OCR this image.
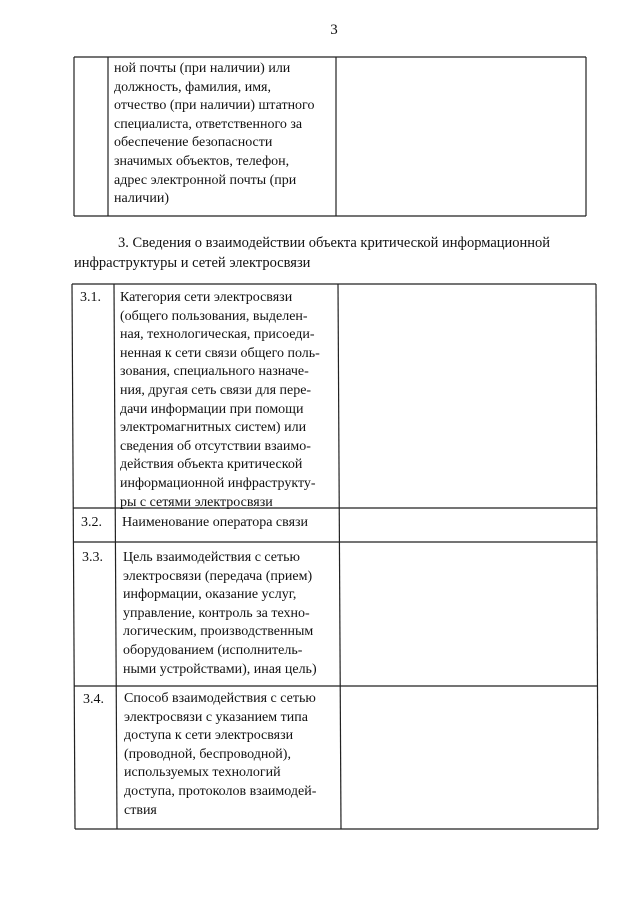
3
ной почты (при наличии) или
должность, фамилия, имя,
отчество (при наличии) штатного
специалиста, ответственного за
обеспечение безопасности
значимых объектов, телефон,
адрес электронной почты (при
наличии)
3. Сведения о взаимодействии объекта критической информационной
инфраструктуры и сетей электросвязи
3.1. Категория сети электросвязи
(общего пользования, выделен-
ная, технологическая, присоеди-
ненная к сети связи общего поль-
зования, специального назначе-
ния, другая сеть связи для пере-
дачи информации при помощи
электромагнитных систем) или
сведения об отсутствии взаимо-
действия объекта критической
информационной инфраструкту-
ры с сетями электросвязи
3.2. Наименование оператора связи
3.3. Цель взаимодействия с сетью
электросвязи (передача (прием)
информации, оказание услуг,
управление, контроль за техно-
логическим, производственным
оборудованием (исполнитель-
ными устройствами), иная цель)
3.4. Способ взаимодействия с сетью
электросвязи с указанием типа
доступа к сети электросвязи
(проводной, беспроводной),
используемых технологий
доступа, протоколов взаимодей-
ствия
